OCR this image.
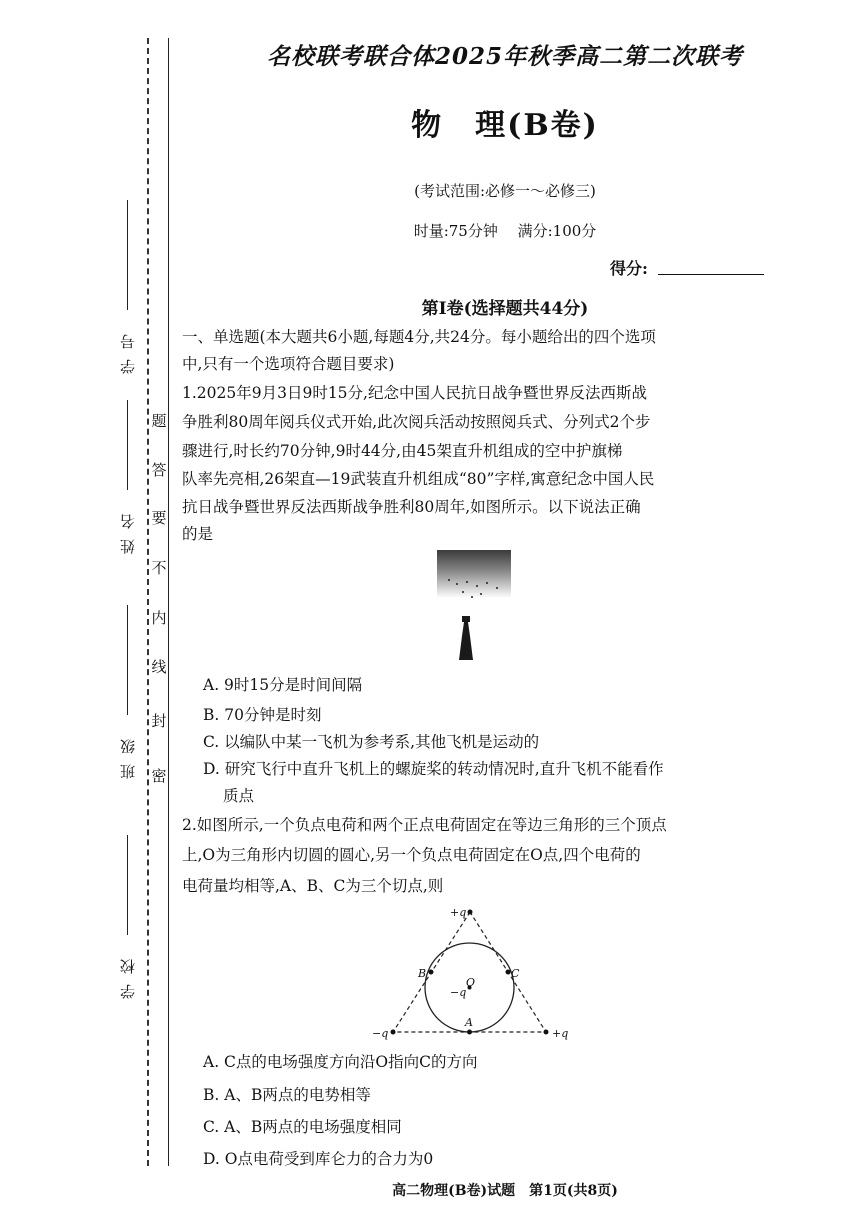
学号
姓名
班级
学校
密
封
线
内
不
要
答
题
名校联考联合体2025年秋季高二第二次联考
物　理(B卷)
(考试范围:必修一～必修三)
时量:75分钟  满分:100分
得分:
第Ⅰ卷(选择题共44分)
一、单选题(本大题共6小题,每题4分,共24分。每小题给出的四个选项
中,只有一个选项符合题目要求)
1.2025年9月3日9时15分,纪念中国人民抗日战争暨世界反法西斯战
争胜利80周年阅兵仪式开始,此次阅兵活动按照阅兵式、分列式2个步
骤进行,时长约70分钟,9时44分,由45架直升机组成的空中护旗梯
队率先亮相,26架直—19武装直升机组成“80”字样,寓意纪念中国人民
抗日战争暨世界反法西斯战争胜利80周年,如图所示。以下说法正确
的是
A. 9时15分是时间间隔
B. 70分钟是时刻
C. 以编队中某一飞机为参考系,其他飞机是运动的
D. 研究飞行中直升飞机上的螺旋桨的转动情况时,直升飞机不能看作
质点
2.如图所示,一个负点电荷和两个正点电荷固定在等边三角形的三个顶点
上,O为三角形内切圆的圆心,另一个负点电荷固定在O点,四个电荷的
电荷量均相等,A、B、C为三个切点,则
+q
−q	+q
−q
O
A
B	C
A. C点的电场强度方向沿O指向C的方向
B. A、B两点的电势相等
C. A、B两点的电场强度相同
D. O点电荷受到库仑力的合力为0
高二物理(B卷)试题　第1页(共8页)
